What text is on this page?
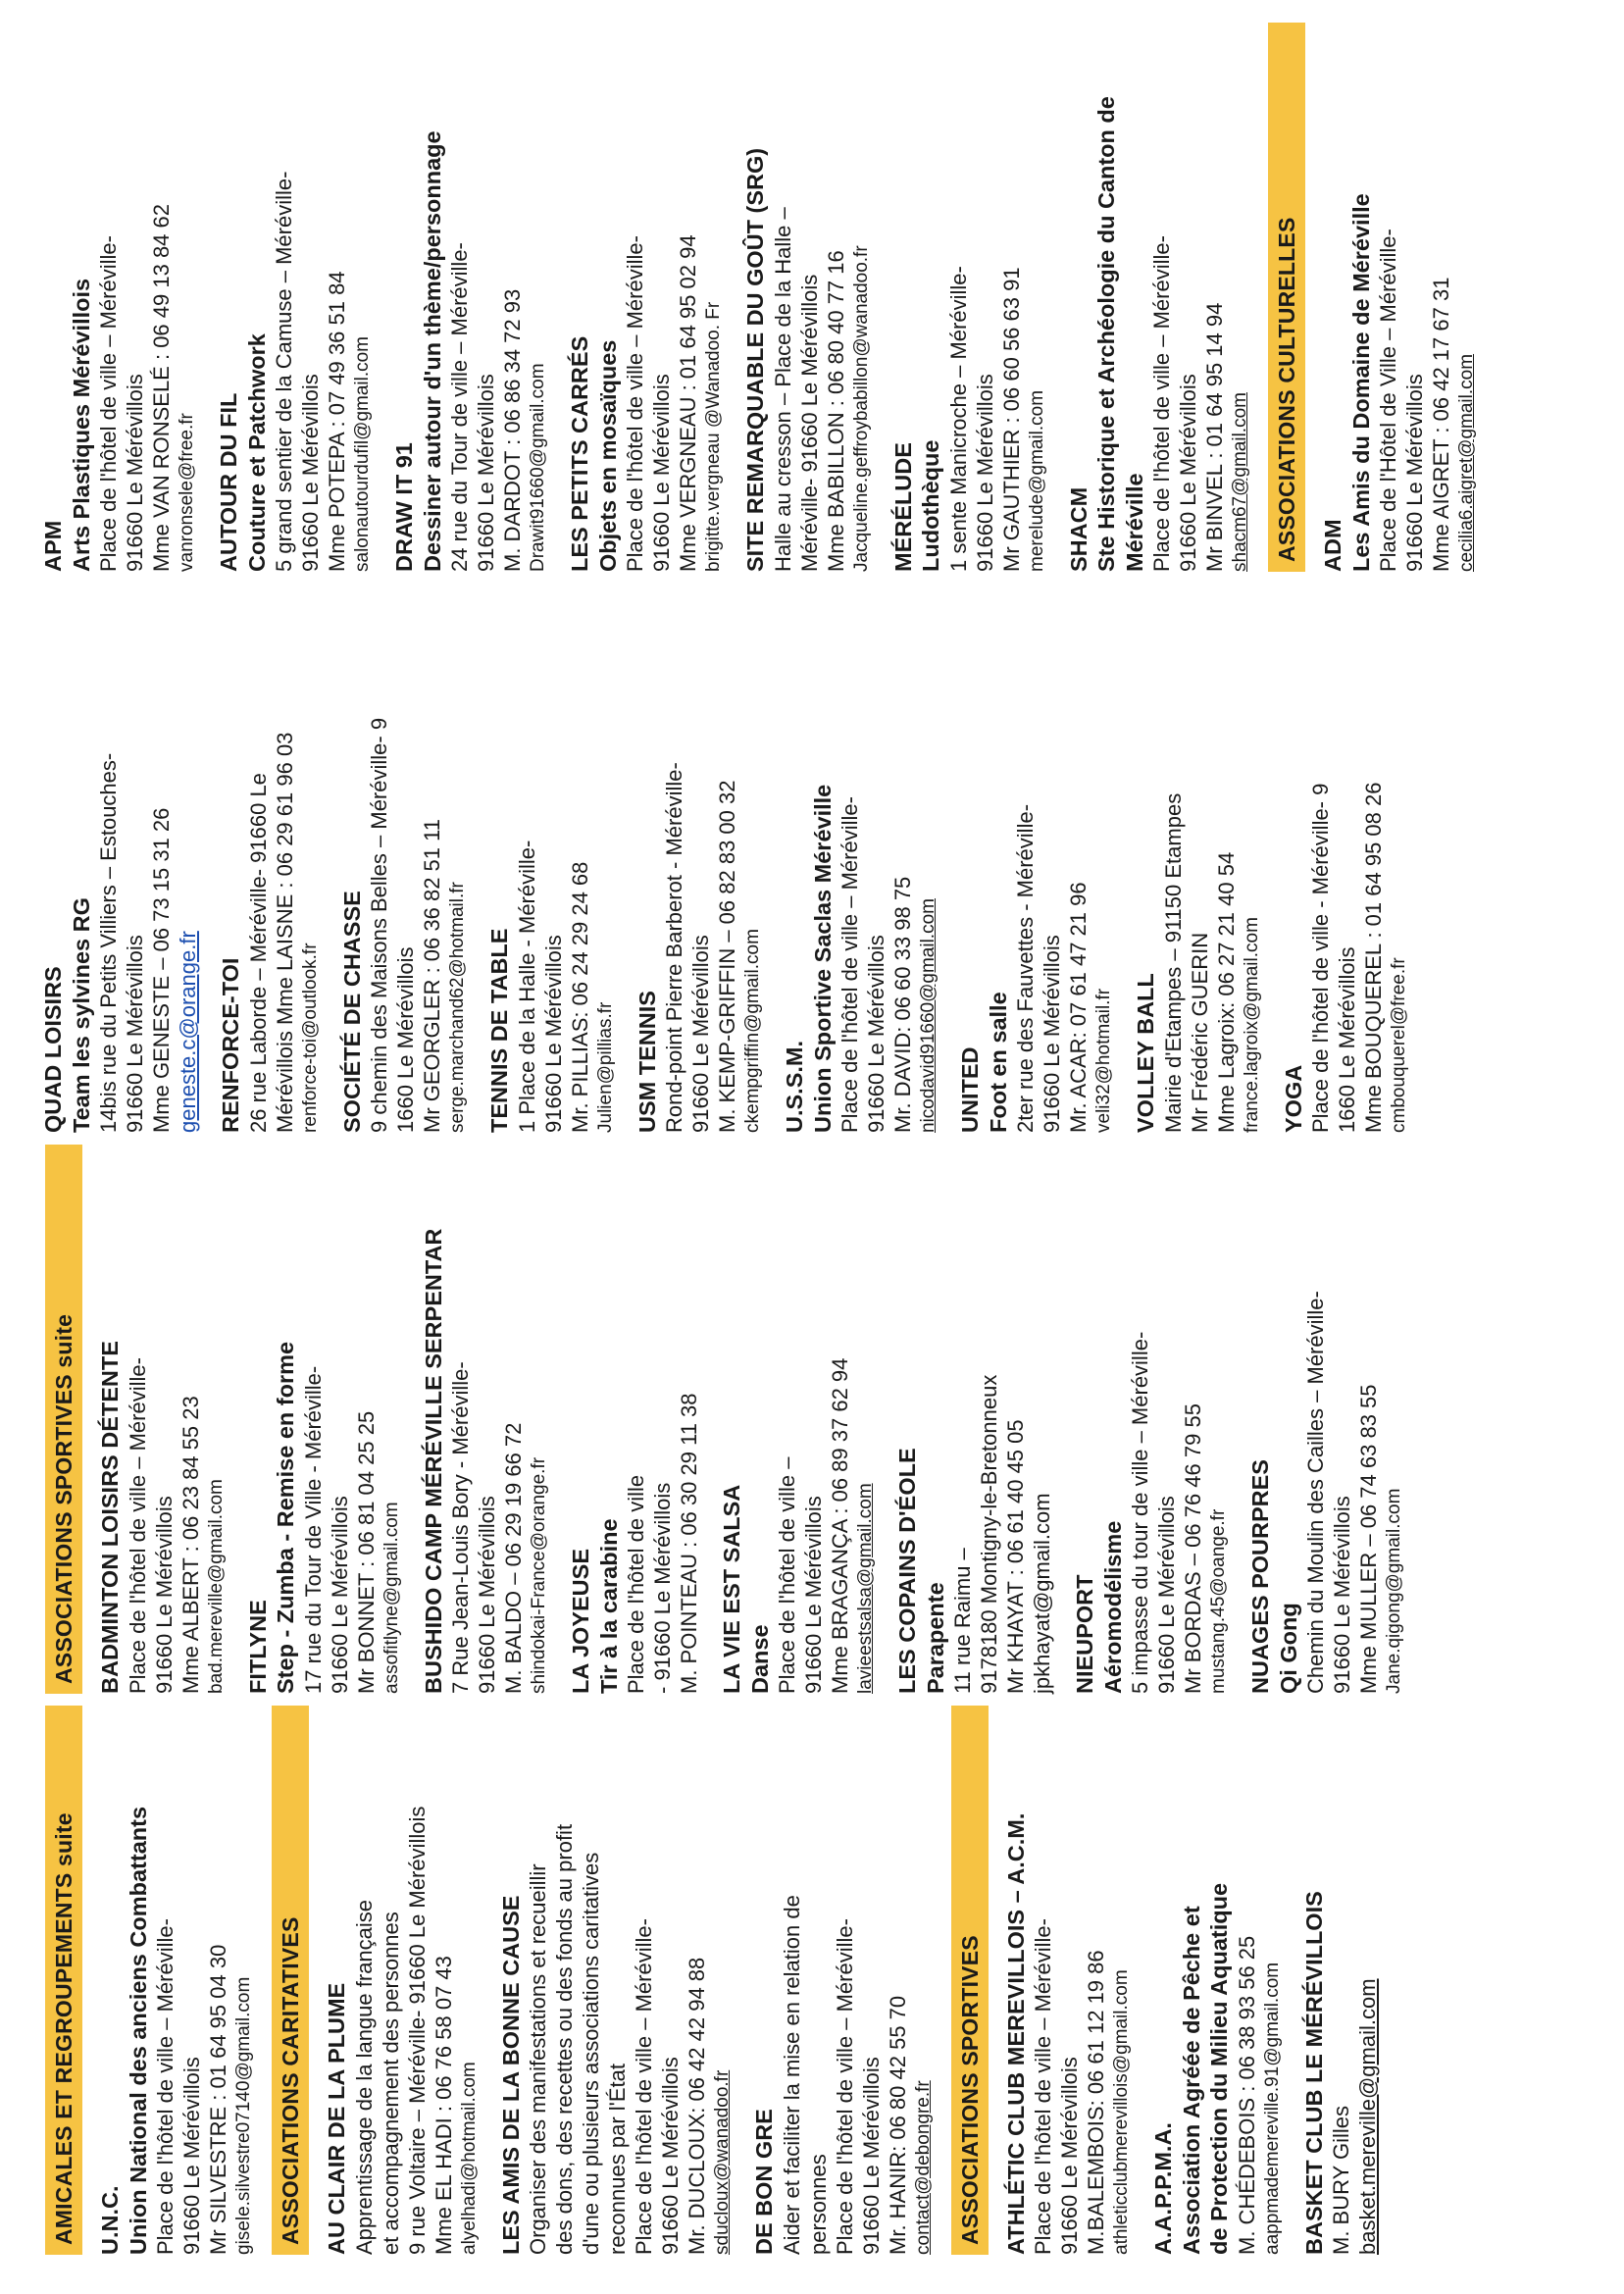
AMICALES ET REGROUPEMENTS suite U.N.C. Union National des anciens Combattants Place de l'hôtel de ville – Méréville- 91660 Le Mérévillois Mr SILVESTRE : 01 64 95 04 30 gisele.silvestre07140@gmail.com ASSOCIATIONS CARITATIVES AU CLAIR DE LA PLUME Apprentissage de la langue française et accompagnement des personnes 9 rue Voltaire – Méréville- 91660 Le Mérévillois Mme EL HADI : 06 76 58 07 43 alyelhadi@hotmail.com LES AMIS DE LA BONNE CAUSE Organiser des manifestations et recueillir des dons, des recettes ou des fonds au profit d'une ou plusieurs associations caritatives reconnues par l'État Place de l'hôtel de ville – Méréville- 91660 Le Mérévillois Mr. DUCLOUX: 06 42 42 94 88 sducloux@wanadoo.fr DE BON GRE Aider et faciliter la mise en relation de personnes Place de l'hôtel de ville – Méréville- 91660 Le Mérévillois Mr. HANIR: 06 80 42 55 70 contact@debongre.fr ASSOCIATIONS SPORTIVES ATHLÉTIC CLUB MEREVILLOIS – A.C.M. Place de l'hôtel de ville – Méréville- 91660 Le Mérévillois M.BALEMBOIS: 06 61 12 19 86 athleticclubmerevillois@gmail.com A.A.P.P.M.A. Association Agréée de Pêche et de Protection du Milieu Aquatique M. CHÉDEBOIS : 06 38 93 56 25 aappmademereville.91@gmail.com BASKET CLUB LE MÉRÉVILLOIS M. BURY Gilles basket.mereville@gmail.com
ASSOCIATIONS SPORTIVES suite BADMINTON LOISIRS DÉTENTE Place de l'hôtel de ville – Méréville- 91660 Le Mérévillois Mme ALBERT : 06 23 84 55 23 bad.mereville@gmail.com FITLYNE Step - Zumba - Remise en forme 17 rue du Tour de Ville - Méréville- 91660 Le Mérévillois Mr BONNET : 06 81 04 25 25 assofitlyne@gmail.com BUSHIDO CAMP MÉRÉVILLE SERPENTAR 7 Rue Jean-Louis Bory - Méréville- 91660 Le Mérévillois M. BALDO – 06 29 19 66 72 shindokai-France@orange.fr LA JOYEUSE Tir à la carabine Place de l'hôtel de ville - 91660 Le Mérévillois M. POINTEAU : 06 30 29 11 38 LA VIE EST SALSA Danse Place de l'hôtel de ville – 91660 Le Mérévillois Mme BRAGANÇA : 06 89 37 62 94 lavieestsalsa@gmail.com LES COPAINS D'ÉOLE Parapente 11 rue Raimu – 9178180 Montigny-le-Bretonneux Mr KHAYAT : 06 61 40 45 05 jpkhayat@gmail.com NIEUPORT Aéromodélisme 5 impasse du tour de ville – Méréville- 91660 Le Mérévillois Mr BORDAS – 06 76 46 79 55 mustang.45@oange.fr NUAGES POURPRES Qi Gong Chemin du Moulin des Cailles – Méréville- 91660 Le Mérévillois Mme MULLER – 06 74 63 83 55 Jane.qigong@gmail.com
QUAD LOISIRS Team les sylvines RG 14bis rue du Petits Villiers – Estouches- 91660 Le Mérévillois Mme GENESTE – 06 73 15 31 26 geneste.c@orange.fr RENFORCE-TOI 26 rue Laborde – Méréville- 91660 Le Mérévillois Mme LAISNE : 06 29 61 96 03 renforce-toi@outlook.fr SOCIÉTÉ DE CHASSE 9 chemin des Maisons Belles – Méréville- 9 1660 Le Mérévillois Mr GEORGLER : 06 36 82 51 11 serge.marchand62@hotmail.fr TENNIS DE TABLE 1 Place de la Halle - Méréville- 91660 Le Mérévillois Mr. PILLIAS: 06 24 29 24 68 Julien@pillias.fr USM TENNIS Rond-point Pierre Barberot - Méréville- 91660 Le Mérévillois M. KEMP-GRIFFIN – 06 82 83 00 32 ckempgriffin@gmail.com U.S.S.M. Union Sportive Saclas Méréville Place de l'hôtel de ville – Méréville- 91660 Le Mérévillois Mr. DAVID: 06 60 33 98 75 nicodavid91660@gmail.com UNITED Foot en salle 2ter rue des Fauvettes - Méréville- 91660 Le Mérévillois Mr. ACAR: 07 61 47 21 96 veli32@hotmail.fr VOLLEY BALL Mairie d'Etampes – 91150 Etampes Mr Frédéric GUERIN Mme Lagroix: 06 27 21 40 54 france.lagroix@gmail.com YOGA Place de l'hôtel de ville - Méréville- 9 1660 Le Mérévillois Mme BOUQUEREL : 01 64 95 08 26 cmbouquerel@free.fr
APM Arts Plastiques Mérévillois Place de l'hôtel de ville – Méréville- 91660 Le Mérévillois Mme VAN RONSELÉ : 06 49 13 84 62 vanronsele@free.fr AUTOUR DU FIL Couture et Patchwork 5 grand sentier de la Camuse – Méréville- 91660 Le Mérévillois Mme POTEPA : 07 49 36 51 84 salonautourdufil@gmail.com DRAW IT 91 Dessiner autour d'un thème/personnage 24 rue du Tour de ville – Méréville- 91660 Le Mérévillois M. DARDOT : 06 86 34 72 93 Drawit91660@gmail.com LES PETITS CARRÉS Objets en mosaïques Place de l'hôtel de ville – Méréville- 91660 Le Mérévillois Mme VERGNEAU : 01 64 95 02 94 brigitte.vergneau @Wanadoo. Fr SITE REMARQUABLE DU GOÛT (SRG) Halle au cresson – Place de la Halle – Méréville- 91660 Le Mérévillois Mme BABILLON : 06 80 40 77 16 Jacqueline.geffroybabillon@wanadoo.fr MÉRÉLUDE Ludothèque 1 sente Manicroche – Méréville- 91660 Le Mérévillois Mr GAUTHIER : 06 60 56 63 91 merelude@gmail.com SHACM Ste Historique et Archéologie du Canton de Méréville Place de l'hôtel de ville – Méréville- 91660 Le Mérévillois Mr BINVEL : 01 64 95 14 94 shacm67@gmail.com ASSOCIATIONS CULTURELLES ADM Les Amis du Domaine de Méréville Place de l'Hôtel de Ville – Méréville- 91660 Le Mérévillois Mme AIGRET : 06 42 17 67 31 cecilia6.aigret@gmail.com
